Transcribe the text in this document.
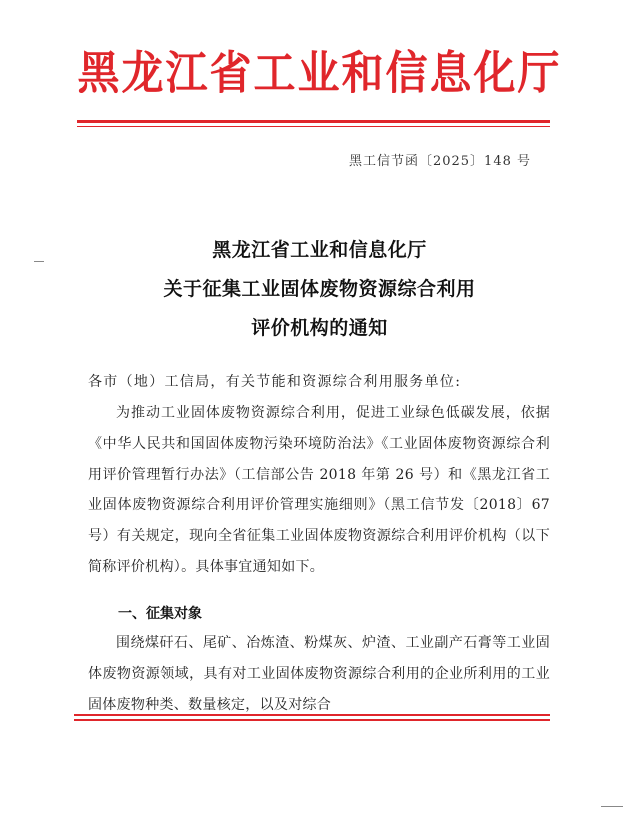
黑龙江省工业和信息化厅
黑工信节函〔2025〕148 号
黑龙江省工业和信息化厅
关于征集工业固体废物资源综合利用
评价机构的通知
各市（地）工信局，有关节能和资源综合利用服务单位:
为推动工业固体废物资源综合利用，促进工业绿色低碳发展，依据《中华人民共和国固体废物污染环境防治法》《工业固体废物资源综合利用评价管理暂行办法》（工信部公告 2018 年第 26 号）和《黑龙江省工业固体废物资源综合利用评价管理实施细则》（黑工信节发〔2018〕67 号）有关规定，现向全省征集工业固体废物资源综合利用评价机构（以下简称评价机构）。具体事宜通知如下。
一、征集对象
围绕煤矸石、尾矿、冶炼渣、粉煤灰、炉渣、工业副产石膏等工业固体废物资源领域，具有对工业固体废物资源综合利用的企业所利用的工业固体废物种类、数量核定，以及对综合
